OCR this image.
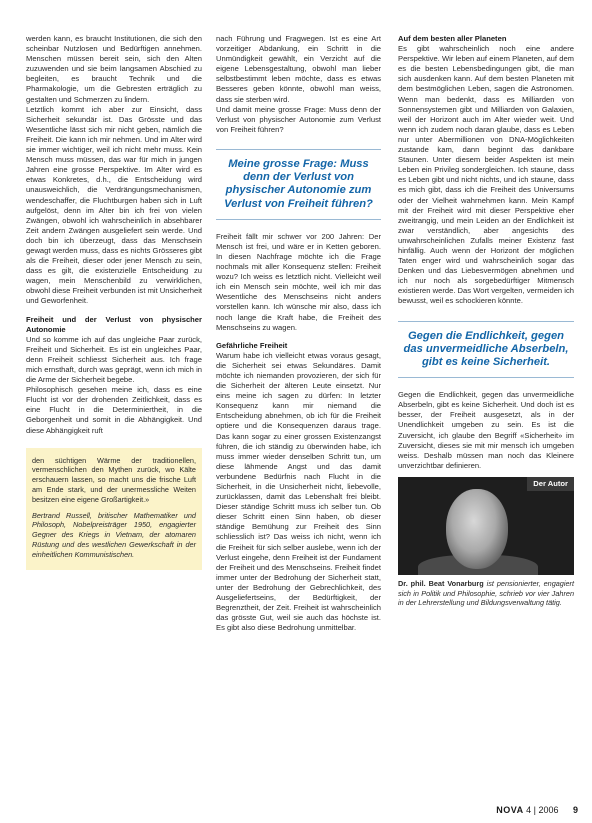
werden kann, es braucht Institutionen, die sich den scheinbar Nutzlosen und Bedürftigen annehmen. Menschen müssen bereit sein, sich den Alten zuzuwenden und sie beim langsamen Abschied zu begleiten, es braucht Technik und die Pharmakologie, um die Gebresten erträglich zu gestalten und Schmerzen zu lindern.

Letztlich kommt ich aber zur Einsicht, dass Sicherheit sekundär ist. Das Grösste und das Wesentliche lässt sich mir nicht geben, nämlich die Freiheit. Die kann ich mir nehmen. Und im Alter wird sie immer wichtiger, weil ich nicht mehr muss. Kein Mensch muss müssen, das war für mich in jungen Jahren eine grosse Perspektive. Im Alter wird es etwas Konkretes, d.h., die Entscheidung wird unausweichlich, die Verdrängungsmechanismen, wendeschaffer, die Fluchtburgen haben sich in Luft aufgelöst, denn im Alter bin ich frei von vielen Zwängen, obwohl ich wahrscheinlich in absehbarer Zeit andern Zwängen ausgeliefert sein werde. Und doch bin ich überzeugt, dass das Menschsein gewagt werden muss, dass es nichts Grösseres gibt als die Freiheit, dieser oder jener Mensch zu sein, dass es gilt, die existenzielle Entscheidung zu wagen, mein Menschenbild zu verwirklichen, obwohl diese Freiheit verbunden ist mit Unsicherheit und Geworfenheit.

Freiheit und der Verlust von physischer Autonomie

Und so komme ich auf das ungleiche Paar zurück, Freiheit und Sicherheit. Es ist ein ungleiches Paar, denn Freiheit schliesst Sicherheit aus. Ich frage mich ernsthaft, durch was geprägt, wenn ich mich in die Arme der Sicherheit begebe.

Philosophisch gesehen meine ich, dass es eine Flucht ist vor der drohenden Zeitlichkeit, dass es eine Flucht in die Determiniertheit, in die Geborgenheit und somit in die Abhängigkeit. Und diese Abhängigkeit ruft

den süchtigen Wärme der traditionellen, vermenschlichen den Mythen zurück, wo Kälte erschauern lassen, so macht uns die frische Luft am Ende stark, und der unermessliche Weiten besitzen eine eigene Großartigkeit.»

Bertrand Russell, britischer Mathematiker und Philosoph, Nobelpreisträger 1950, engagierter Gegner des Kriegs in Vietnam, der atomaren Rüstung und des westlichen Gewerkschaft in der einheitlichen Kommunistischen.

nach Führung und Fragwegen. Ist es eine Art vorzeitiger Abdankung, ein Schritt in die Unmündigkeit gewählt, ein Verzicht auf die eigene Lebensgestaltung, obwohl man lieber selbstbestimmt leben möchte, dass es etwas Besseres geben könnte, obwohl man weiss, dass sie sterben wird.

Und damit meine grosse Frage: Muss denn der Verlust von physischer Autonomie zum Verlust von Freiheit führen?

Meine grosse Frage: Muss denn der Verlust von physischer Autonomie zum Verlust von Freiheit führen?

Freiheit fällt mir schwer vor 200 Jahren: Der Mensch ist frei, und wäre er in Ketten geboren. In diesen Nachfrage möchte ich die Frage nochmals mit aller Konsequenz stellen: Freiheit wozu? Ich weiss es letztlich nicht. Vielleicht weil ich ein Mensch sein möchte, weil ich mir das Wesentliche des Menschseins nicht anders vorstellen kann. Ich wünsche mir also, dass ich noch lange die Kraft habe, die Freiheit des Menschseins zu wagen.

Gefährliche Freiheit

Warum habe ich vielleicht etwas voraus gesagt, die Sicherheit sei etwas Sekundäres. Damit möchte ich niemanden provozieren, der sich für die Sicherheit der älteren Leute einsetzt. Nur eins meine ich sagen zu dürfen: In letzter Konsequenz kann mir niemand die Entscheidung abnehmen, ob ich für die Freiheit optiere und die Konsequenzen daraus trage. Das kann sogar zu einer grossen Existenzangst führen, die ich ständig zu überwinden habe, ich muss immer wieder denselben Schritt tun, um diese lähmende Angst und das damit verbundene Bedürfnis nach Flucht in die Sicherheit, in die Unsicherheit nicht, liebevolle, zurücklassen, damit das Lebenshalt frei bleibt. Dieser ständige Schritt muss ich selber tun. Ob dieser Schritt einen Sinn haben, ob dieser ständige Bemühung zur Freiheit des Sinn schliesslich ist? Das weiss ich nicht, wenn ich die Freiheit für sich selber auslebe, wenn ich der Verlust eingehe, denn Freiheit ist der Fundament der Freiheit und des Menschseins. Freiheit findet immer unter der Bedrohung der Sicherheit statt, unter der Bedrohung der Gebrechlichkeit, des Ausgeliefertseins, der Bedürftigkeit, der Begrenztheit, der Zeit. Freiheit ist wahrscheinlich das grösste Gut, weil sie auch das höchste ist. Es gibt also diese Bedrohung unmittelbar.

Auf dem besten aller Planeten

Es gibt wahrscheinlich noch eine andere Perspektive. Wir leben auf einem Planeten, auf dem es die besten Lebensbedingungen gibt, die man sich ausdenken kann. Auf dem besten Planeten mit dem bestmöglichen Leben, sagen die Astronomen. Wenn man bedenkt, dass es Milliarden von Sonnensystemen gibt und Milliarden von Galaxien, weil der Horizont auch im Alter wieder weit. Und wenn ich zudem noch daran glaube, dass es Leben nur unter Abermillionen von DNA-Möglichkeiten zustande kam, dann beginnt das dankbare Staunen. Unter diesem beider Aspekten ist mein Leben ein Privileg sondergleichen. Ich staune, dass es Leben gibt und nicht nichts, und ich staune, dass es mich gibt, dass ich die Freiheit des Universums oder der Vielheit wahrnehmen kann. Mein Kampf mit der Freiheit wird mit dieser Perspektive eher zweitrangig, und mein Leiden an der Endlichkeit ist zwar verständlich, aber angesichts des unwahrscheinlichen Zufalls meiner Existenz fast hinfällig. Auch wenn der Horizont der möglichen Taten enger wird und wahrscheinlich sogar das Denken und das Liebesvermögen abnehmen und ich nur noch als sorgebedürftiger Mitmensch existieren werde. Das Wort vergelten, vermeiden ich bewusst, weil es schockieren könnte.

Gegen die Endlichkeit, gegen das unvermeidliche Abserbeln, gibt es keine Sicherheit.

Gegen die Endlichkeit, gegen das unvermeidliche Abserbeln, gibt es keine Sicherheit. Und doch ist es besser, der Freiheit ausgesetzt, als in der Unendlichkeit umgeben zu sein. Es ist die Zuversicht, ich glaube den Begriff «Sicherheit» im Zuversicht, dieses sie mit mir mensch ich umgeben weiss. Deshalb müssen man noch das Kleinere unverzichtbar definieren.

Der Autor
Dr. phil. Beat Vonarburg ist pensionierter, engagiert sich in Politik und Philosophie, schrieb vor vier Jahren in der Lehrerstellung und Bildungsverwaltung tätig.
NOVA 4 | 2006 9
